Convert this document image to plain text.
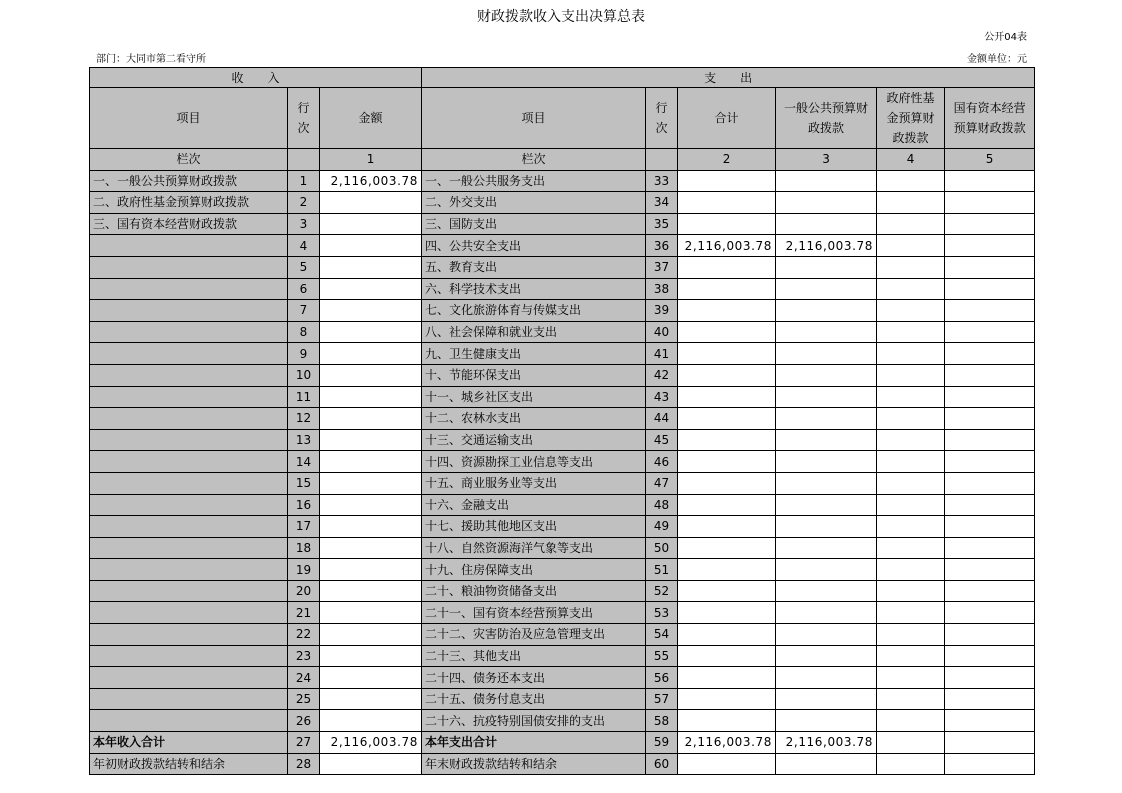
财政拨款收入支出决算总表
公开04表
部门：大同市第二看守所	金额单位：元
收　　入			支　　出					
项目	行次	金额	项目	行次	合计	一般公共预算财政拨款	政府性基金预算财政拨款	国有资本经营预算财政拨款
栏次		1	栏次		2	3	4	5
一、一般公共预算财政拨款	1	2,116,003.78	一、一般公共服务支出	33				
二、政府性基金预算财政拨款	2		二、外交支出	34				
三、国有资本经营财政拨款	3		三、国防支出	35				
	4		四、公共安全支出	36	2,116,003.78	2,116,003.78		
	5		五、教育支出	37				
	6		六、科学技术支出	38				
	7		七、文化旅游体育与传媒支出	39				
	8		八、社会保障和就业支出	40				
	9		九、卫生健康支出	41				
	10		十、节能环保支出	42				
	11		十一、城乡社区支出	43				
	12		十二、农林水支出	44				
	13		十三、交通运输支出	45				
	14		十四、资源勘探工业信息等支出	46				
	15		十五、商业服务业等支出	47				
	16		十六、金融支出	48				
	17		十七、援助其他地区支出	49				
	18		十八、自然资源海洋气象等支出	50				
	19		十九、住房保障支出	51				
	20		二十、粮油物资储备支出	52				
	21		二十一、国有资本经营预算支出	53				
	22		二十二、灾害防治及应急管理支出	54				
	23		二十三、其他支出	55				
	24		二十四、债务还本支出	56				
	25		二十五、债务付息支出	57				
	26		二十六、抗疫特别国债安排的支出	58				
本年收入合计	27	2,116,003.78	本年支出合计	59	2,116,003.78	2,116,003.78		
年初财政拨款结转和结余	28		年末财政拨款结转和结余	60				
